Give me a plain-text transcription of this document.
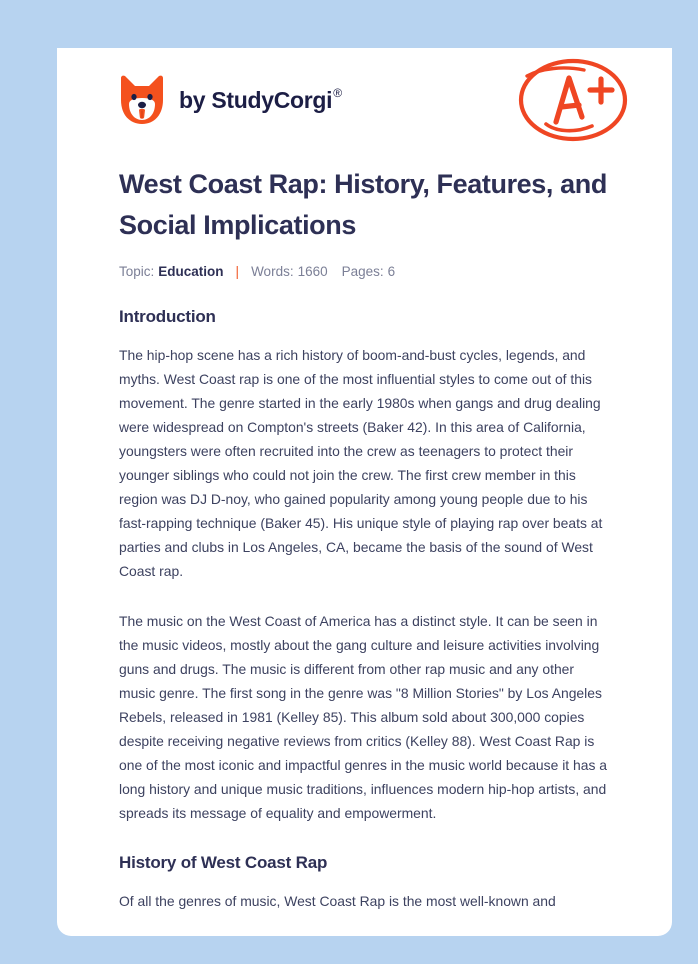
by StudyCorgi®
West Coast Rap: History, Features, and Social Implications
Topic: Education | Words: 1660 Pages: 6
Introduction

The hip-hop scene has a rich history of boom-and-bust cycles, legends, and myths. West Coast rap is one of the most influential styles to come out of this movement. The genre started in the early 1980s when gangs and drug dealing were widespread on Compton's streets (Baker 42). In this area of California, youngsters were often recruited into the crew as teenagers to protect their younger siblings who could not join the crew. The first crew member in this region was DJ D-noy, who gained popularity among young people due to his fast-rapping technique (Baker 45). His unique style of playing rap over beats at parties and clubs in Los Angeles, CA, became the basis of the sound of West Coast rap.

The music on the West Coast of America has a distinct style. It can be seen in the music videos, mostly about the gang culture and leisure activities involving guns and drugs. The music is different from other rap music and any other music genre. The first song in the genre was "8 Million Stories" by Los Angeles Rebels, released in 1981 (Kelley 85). This album sold about 300,000 copies despite receiving negative reviews from critics (Kelley 88). West Coast Rap is one of the most iconic and impactful genres in the music world because it has a long history and unique music traditions, influences modern hip-hop artists, and spreads its message of equality and empowerment.

History of West Coast Rap

Of all the genres of music, West Coast Rap is the most well-known and
